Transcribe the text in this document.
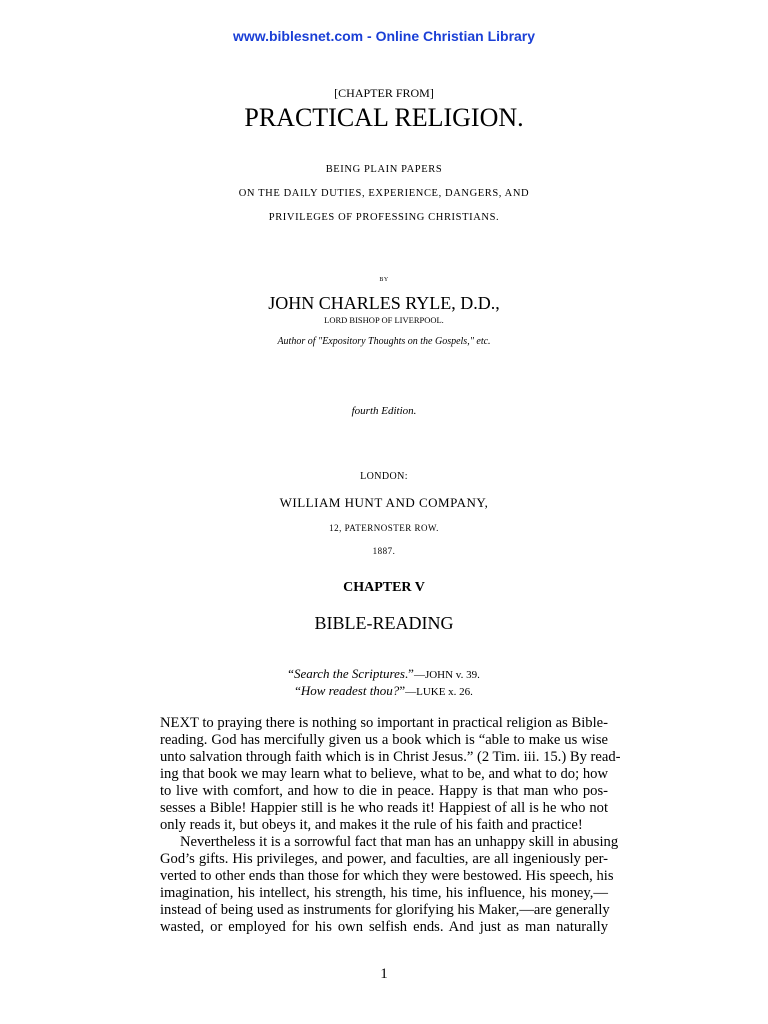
www.biblesnet.com - Online Christian Library
[CHAPTER FROM]
PRACTICAL RELIGION.
BEING PLAIN PAPERS
ON THE DAILY DUTIES, EXPERIENCE, DANGERS, AND
PRIVILEGES OF PROFESSING CHRISTIANS.
BY
JOHN CHARLES RYLE, D.D.,
LORD BISHOP OF LIVERPOOL.
Author of "Expository Thoughts on the Gospels," etc.
fourth Edition.
LONDON:
WILLIAM HUNT AND COMPANY,
12, PATERNOSTER ROW.
1887.
CHAPTER V
BIBLE-READING
“Search the Scriptures.”—JOHN v. 39.
“How readest thou?”—LUKE x. 26.
NEXT to praying there is nothing so important in practical religion as Bible-
reading. God has mercifully given us a book which is “able to make us wise
unto salvation through faith which is in Christ Jesus.” (2 Tim. iii. 15.) By read-
ing that book we may learn what to believe, what to be, and what to do; how
to live with comfort, and how to die in peace. Happy is that man who pos-
sesses a Bible! Happier still is he who reads it! Happiest of all is he who not
only reads it, but obeys it, and makes it the rule of his faith and practice!
Nevertheless it is a sorrowful fact that man has an unhappy skill in abusing
God’s gifts. His privileges, and power, and faculties, are all ingeniously per-
verted to other ends than those for which they were bestowed. His speech, his
imagination, his intellect, his strength, his time, his influence, his money,—
instead of being used as instruments for glorifying his Maker,—are generally
wasted, or employed for his own selfish ends. And just as man naturally
1
